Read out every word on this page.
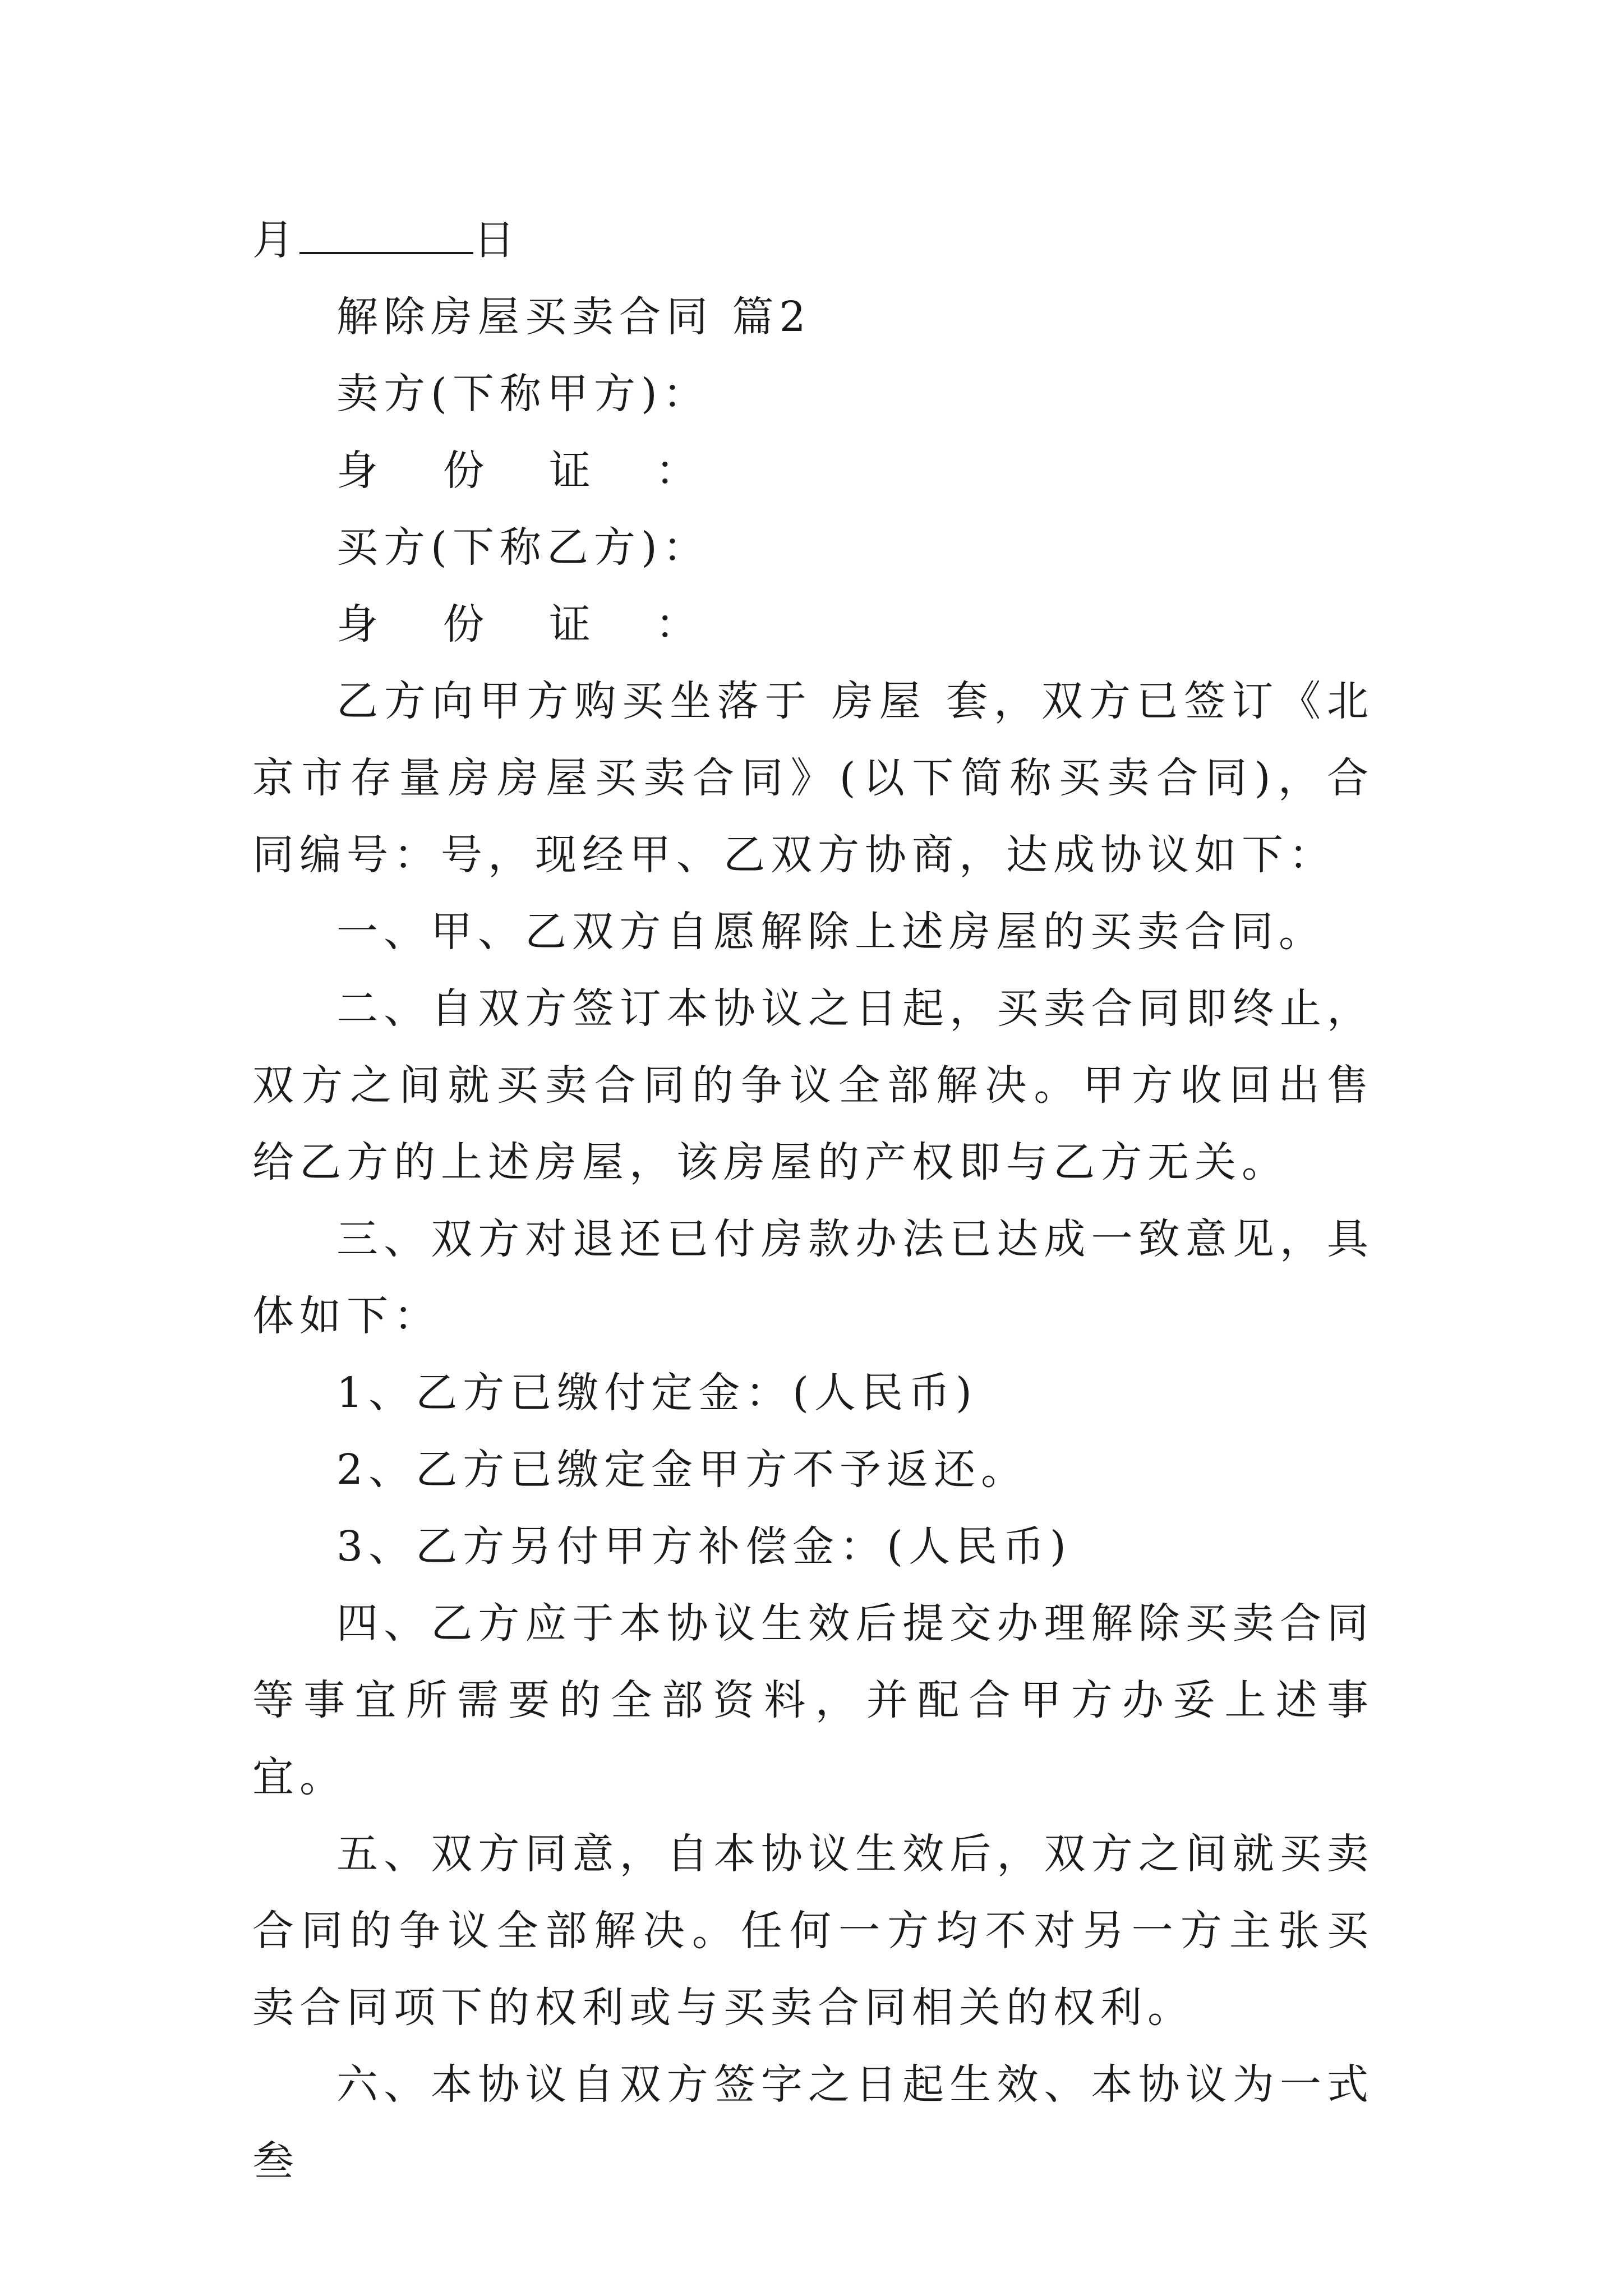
月	日
解除房屋买卖合同 篇2
卖方(下称甲方)：
身 份 证 ：
买方(下称乙方)：
身 份 证 ：

乙方向甲方购买坐落于 房屋 套，双方已签订《北京市存量房房屋买卖合同》(以下简称买卖合同)，合同编号：号，现经甲、乙双方协商，达成协议如下：

一、甲、乙双方自愿解除上述房屋的买卖合同。

二、自双方签订本协议之日起，买卖合同即终止，双方之间就买卖合同的争议全部解决。甲方收回出售给乙方的上述房屋，该房屋的产权即与乙方无关。

三、双方对退还已付房款办法已达成一致意见，具体如下：

1、乙方已缴付定金：(人民币)

2、乙方已缴定金甲方不予返还。

3、乙方另付甲方补偿金：(人民币)

四、乙方应于本协议生效后提交办理解除买卖合同等事宜所需要的全部资料，并配合甲方办妥上述事宜。

五、双方同意，自本协议生效后，双方之间就买卖合同的争议全部解决。任何一方均不对另一方主张买卖合同项下的权利或与买卖合同相关的权利。

六、本协议自双方签字之日起生效、本协议为一式 叁
